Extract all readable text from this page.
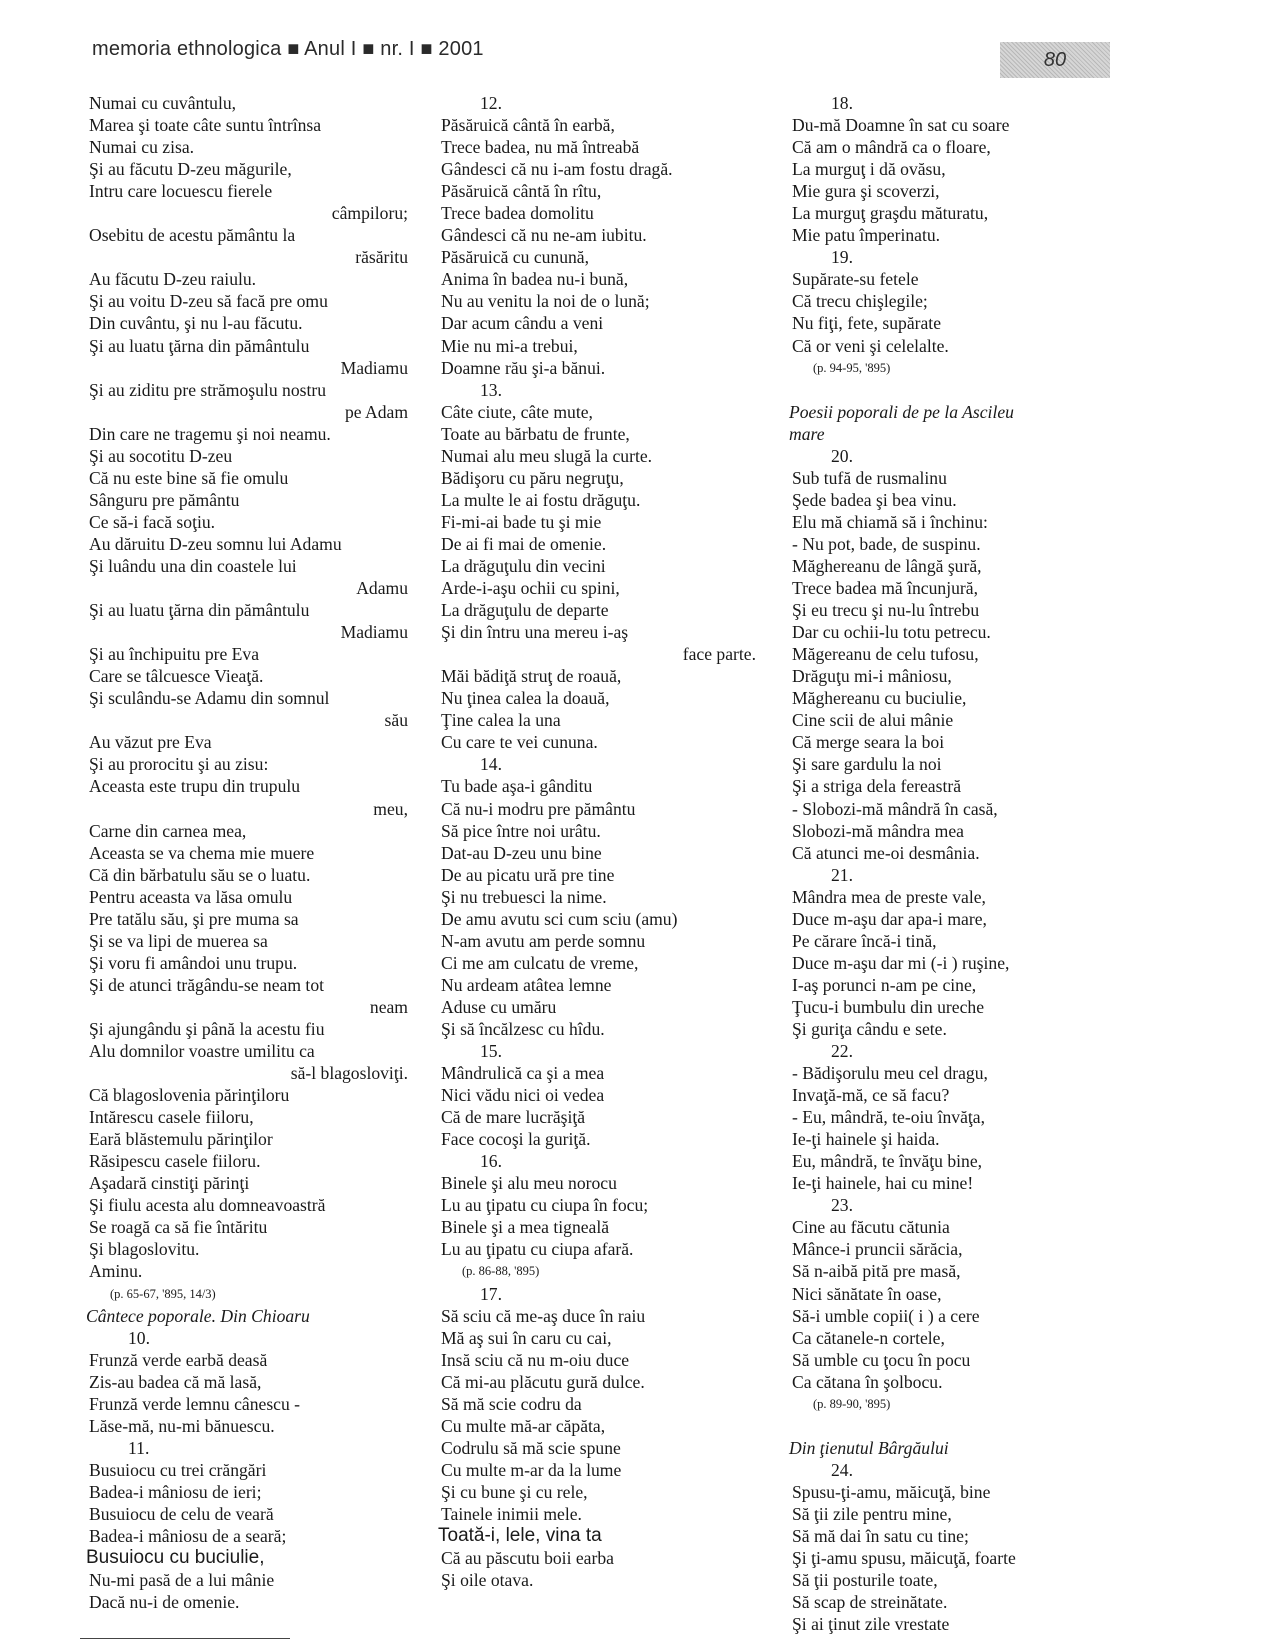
memoria ethnologica ■ Anul I ■ nr. I ■ 2001	80
Numai cu cuvântulu,
Marea şi toate câte suntu întrînsa
Numai cu zisa.
Şi au făcutu D-zeu măgurile,
Intru care locuescu fierele
câmpiloru;
Osebitu de acestu pământu la
răsăritu
Au făcutu D-zeu raiulu.
Şi au voitu D-zeu să facă pre omu
Din cuvântu, şi nu l-au făcutu.
Şi au luatu ţărna din pământulu
Madiamu
Şi au ziditu pre strămoşulu nostru
pe Adam
Din care ne tragemu şi noi neamu.
Şi au socotitu D-zeu
Că nu este bine să fie omulu
Sânguru pre pământu
Ce să-i facă soţiu.
Au dăruitu D-zeu somnu lui Adamu
Şi luându una din coastele lui
Adamu
Şi au luatu ţărna din pământulu
Madiamu
Şi au închipuitu pre Eva
Care se tâlcuesce Vieaţă.
Şi sculându-se Adamu din somnul
său
Au văzut pre Eva
Şi au prorocitu şi au zisu:
Aceasta este trupu din trupulu
meu,
Carne din carnea mea,
Aceasta se va chema mie muere
Că din bărbatulu său se o luatu.
Pentru aceasta va lăsa omulu
Pre tatălu său, şi pre muma sa
Şi se va lipi de muerea sa
Şi voru fi amândoi unu trupu.
Şi de atunci trăgându-se neam tot
neam
Şi ajungându şi până la acestu fiu
Alu domnilor voastre umilitu ca
să-l blagosloviţi.
Că blagoslovenia părinţiloru
Intărescu casele fiiloru,
Eară blăstemulu părinţilor
Răsipescu casele fiiloru.
Aşadară cinstiţi părinţi
Şi fiulu acesta alu domneavoastră
Se roagă ca să fie întăritu
Şi blagoslovitu.
Aminu.
(p. 65-67, '895, 14/3)
Cântece poporale. Din Chioaru
10.
Frunză verde earbă deasă
Zis-au badea că mă lasă,
Frunză verde lemnu cânescu -
Lăse-mă, nu-mi bănuescu.
11.
Busuiocu cu trei crăngări
Badea-i mâniosu de ieri;
Busuiocu de celu de veară
Badea-i mâniosu de a seară;
Busuiocu cu buciulie,
Nu-mi pasă de a lui mânie
Dacă nu-i de omenie.
12.
Păsăruică cântă în earbă,
Trece badea, nu mă întreabă
Gândesci că nu i-am fostu dragă.
Păsăruică cântă în rîtu,
Trece badea domolitu
Gândesci că nu ne-am iubitu.
Păsăruică cu cunună,
Anima în badea nu-i bună,
Nu au venitu la noi de o lună;
Dar acum cându a veni
Mie nu mi-a trebui,
Doamne rău şi-a bănui.
13.
Câte ciute, câte mute,
Toate au bărbatu de frunte,
Numai alu meu slugă la curte.
Bădişoru cu păru negruţu,
La multe le ai fostu drăguţu.
Fi-mi-ai bade tu şi mie
De ai fi mai de omenie.
La drăguţulu din vecini
Arde-i-aşu ochii cu spini,
La drăguţulu de departe
Şi din întru una mereu i-aş
face parte.
Măi bădiţă struţ de roauă,
Nu ţinea calea la doauă,
Ţine calea la una
Cu care te vei cununa.
14.
Tu bade aşa-i gânditu
Că nu-i modru pre pământu
Să pice între noi urâtu.
Dat-au D-zeu unu bine
De au picatu ură pre tine
Şi nu trebuesci la nime.
De amu avutu sci cum sciu (amu)
N-am avutu am perde somnu
Ci me am culcatu de vreme,
Nu ardeam atâtea lemne
Aduse cu umăru
Şi să încălzesc cu hîdu.
15.
Mândrulică ca şi a mea
Nici vădu nici oi vedea
Că de mare lucrăşiţă
Face cocoşi la guriţă.
16.
Binele şi alu meu norocu
Lu au ţipatu cu ciupa în focu;
Binele şi a mea tigneală
Lu au ţipatu cu ciupa afară.
(p. 86-88, '895)
17.
Să sciu că me-aş duce în raiu
Mă aş sui în caru cu cai,
Insă sciu că nu m-oiu duce
Că mi-au plăcutu gură dulce.
Să mă scie codru da
Cu multe mă-ar căpăta,
Codrulu să mă scie spune
Cu multe m-ar da la lume
Şi cu bune şi cu rele,
Tainele inimii mele.
Toată-i, lele, vina ta
Că au păscutu boii earba
Şi oile otava.
18.
Du-mă Doamne în sat cu soare
Că am o mândră ca o floare,
La murguţ i dă ovăsu,
Mie gura şi scoverzi,
La murguţ graşdu măturatu,
Mie patu împerinatu.
19.
Supărate-su fetele
Că trecu chişlegile;
Nu fiţi, fete, supărate
Că or veni şi celelalte.
(p. 94-95, '895)
Poesii poporali de pe la Ascileu
mare
20.
Sub tufă de rusmalinu
Şede badea şi bea vinu.
Elu mă chiamă să i închinu:
- Nu pot, bade, de suspinu.
Măghereanu de lângă şură,
Trece badea mă încunjură,
Şi eu trecu şi nu-lu întrebu
Dar cu ochii-lu totu petrecu.
Măgereanu de celu tufosu,
Drăguţu mi-i mâniosu,
Măghereanu cu buciulie,
Cine scii de alui mânie
Că merge seara la boi
Şi sare gardulu la noi
Şi a striga dela fereastră
- Slobozi-mă mândră în casă,
Slobozi-mă mândra mea
Că atunci me-oi desmânia.
21.
Mândra mea de preste vale,
Duce m-aşu dar apa-i mare,
Pe cărare încă-i tină,
Duce m-aşu dar mi (-i ) ruşine,
I-aş porunci n-am pe cine,
Ţucu-i bumbulu din ureche
Şi guriţa cându e sete.
22.
- Bădişorulu meu cel dragu,
Invaţă-mă, ce să facu?
- Eu, mândră, te-oiu învăţa,
Ie-ţi hainele şi haida.
Eu, mândră, te învăţu bine,
Ie-ţi hainele, hai cu mine!
23.
Cine au făcutu cătunia
Mânce-i pruncii sărăcia,
Să n-aibă pită pre masă,
Nici sănătate în oase,
Să-i umble copii( i ) a cere
Ca cătanele-n cortele,
Să umble cu ţocu în pocu
Ca cătana în şolbocu.
(p. 89-90, '895)
Din ţienutul Bârgăului
24.
Spusu-ţi-amu, măicuţă, bine
Să ţii zile pentru mine,
Să mă dai în satu cu tine;
Şi ţi-amu spusu, măicuţă, foarte
Să ţii posturile toate,
Să scap de streinătate.
Şi ai ţinut zile vrestate
